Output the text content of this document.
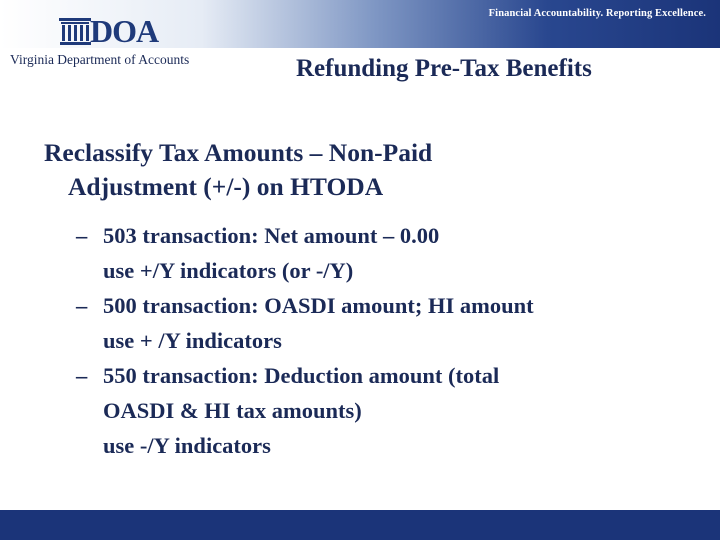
Financial Accountability. Reporting Excellence.
DOA
Virginia Department of Accounts	Refunding Pre-Tax Benefits
Reclassify Tax Amounts – Non-Paid
Adjustment (+/-) on HTODA
– 503 transaction: Net amount – 0.00
use +/Y indicators (or -/Y)
– 500 transaction: OASDI amount; HI amount
use + /Y indicators
– 550 transaction: Deduction amount (total
OASDI & HI tax amounts)
use -/Y indicators
